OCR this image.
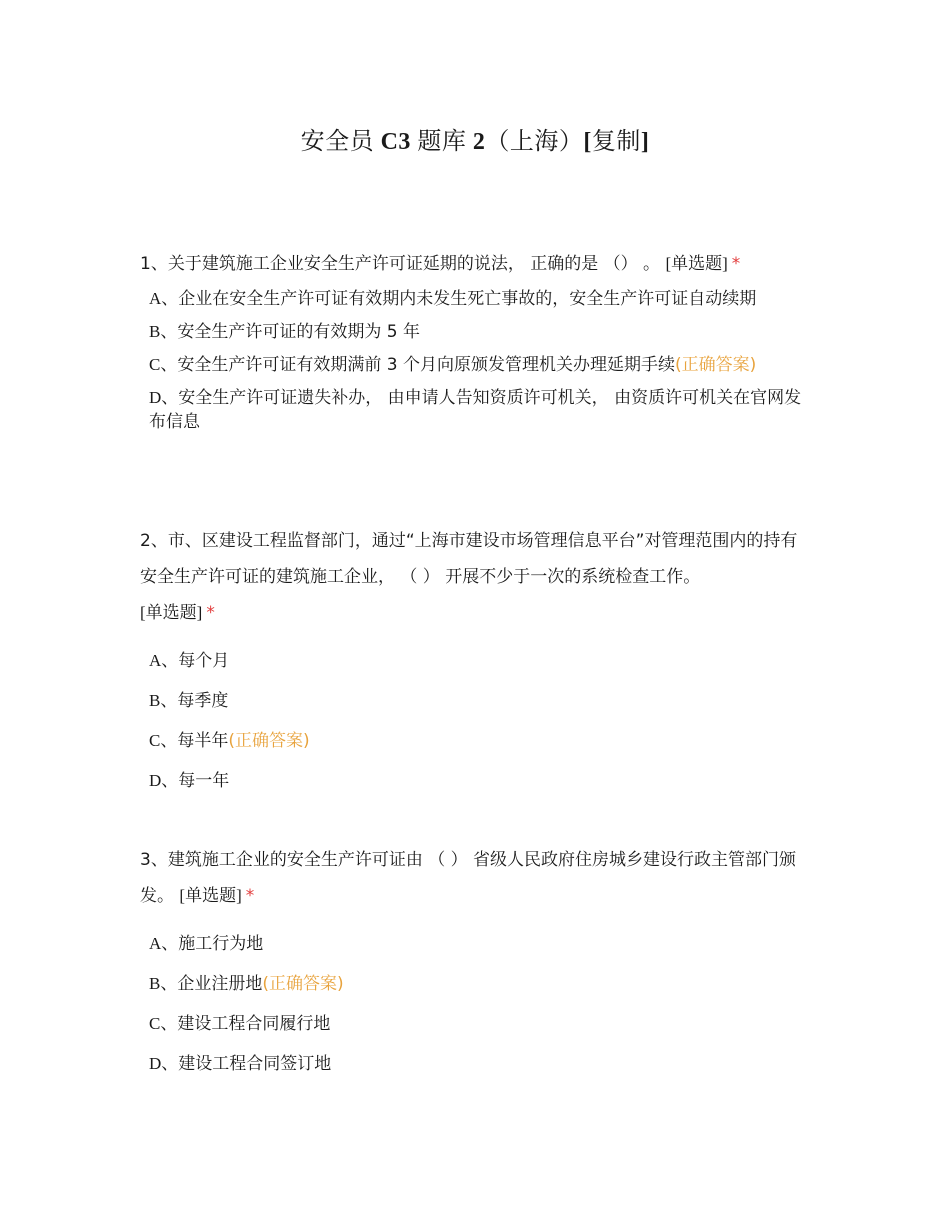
安全员 C3 题库 2（上海）[复制]

1、关于建筑施工企业安全生产许可证延期的说法， 正确的是 （） 。 [单选题] *

A、企业在安全生产许可证有效期内未发生死亡事故的，安全生产许可证自动续期
B、安全生产许可证的有效期为 5 年
C、安全生产许可证有效期满前 3 个月向原颁发管理机关办理延期手续(正确答案)
D、安全生产许可证遗失补办， 由申请人告知资质许可机关， 由资质许可机关在官网发布信息

2、市、区建设工程监督部门，通过“上海市建设市场管理信息平台”对管理范围内的持有安全生产许可证的建筑施工企业， （ ） 开展不少于一次的系统检查工作。
[单选题] *

A、每个月
B、每季度
C、每半年(正确答案)
D、每一年

3、建筑施工企业的安全生产许可证由 （ ） 省级人民政府住房城乡建设行政主管部门颁发。 [单选题] *

A、施工行为地
B、企业注册地(正确答案)
C、建设工程合同履行地
D、建设工程合同签订地
